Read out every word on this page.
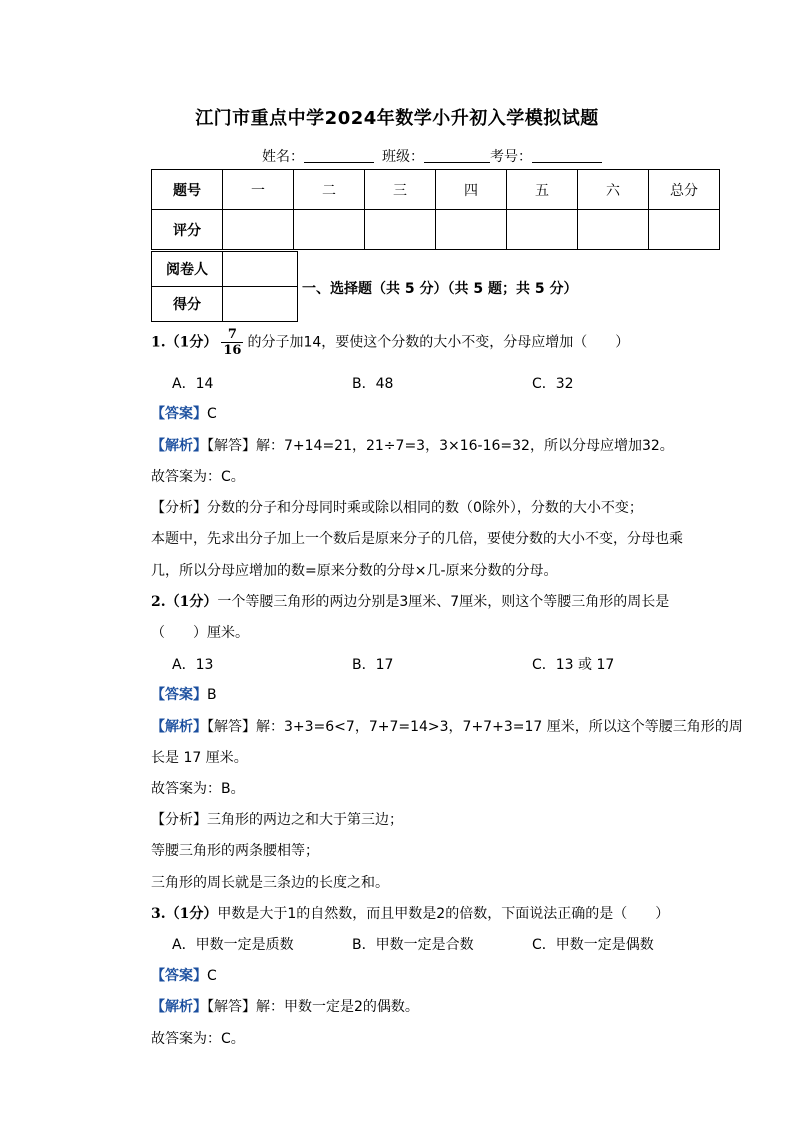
江门市重点中学2024年数学小升初入学模拟试题
姓名：	班级：	考号：
题号	一	二	三	四	五	六	总分
评分							
阅卷人	
得分	
一、选择题（共 5 分）（共 5 题；共 5 分）
1.（1分） $\frac{7}{16}$ 的分子加14，要使这个分数的大小不变，分母应增加（　　）
A．14	B．48	C．32
【答案】C
【解析】【解答】解：7+14=21，21÷7=3，3×16-16=32，所以分母应增加32。
故答案为：C。
【分析】分数的分子和分母同时乘或除以相同的数（0除外），分数的大小不变；
本题中，先求出分子加上一个数后是原来分子的几倍，要使分数的大小不变，分母也乘
几，所以分母应增加的数=原来分数的分母×几-原来分数的分母。
2.（1分）一个等腰三角形的两边分别是3厘米、7厘米，则这个等腰三角形的周长是
（　　）厘米。
A．13	B．17	C．13 或 17
【答案】B
【解析】【解答】解：3+3=6<7，7+7=14>3，7+7+3=17 厘米，所以这个等腰三角形的周
长是 17 厘米。
故答案为：B。
【分析】三角形的两边之和大于第三边；
等腰三角形的两条腰相等；
三角形的周长就是三条边的长度之和。
3.（1分）甲数是大于1的自然数，而且甲数是2的倍数，下面说法正确的是（　　）
A．甲数一定是质数	B．甲数一定是合数	C．甲数一定是偶数
【答案】C
【解析】【解答】解：甲数一定是2的偶数。
故答案为：C。
